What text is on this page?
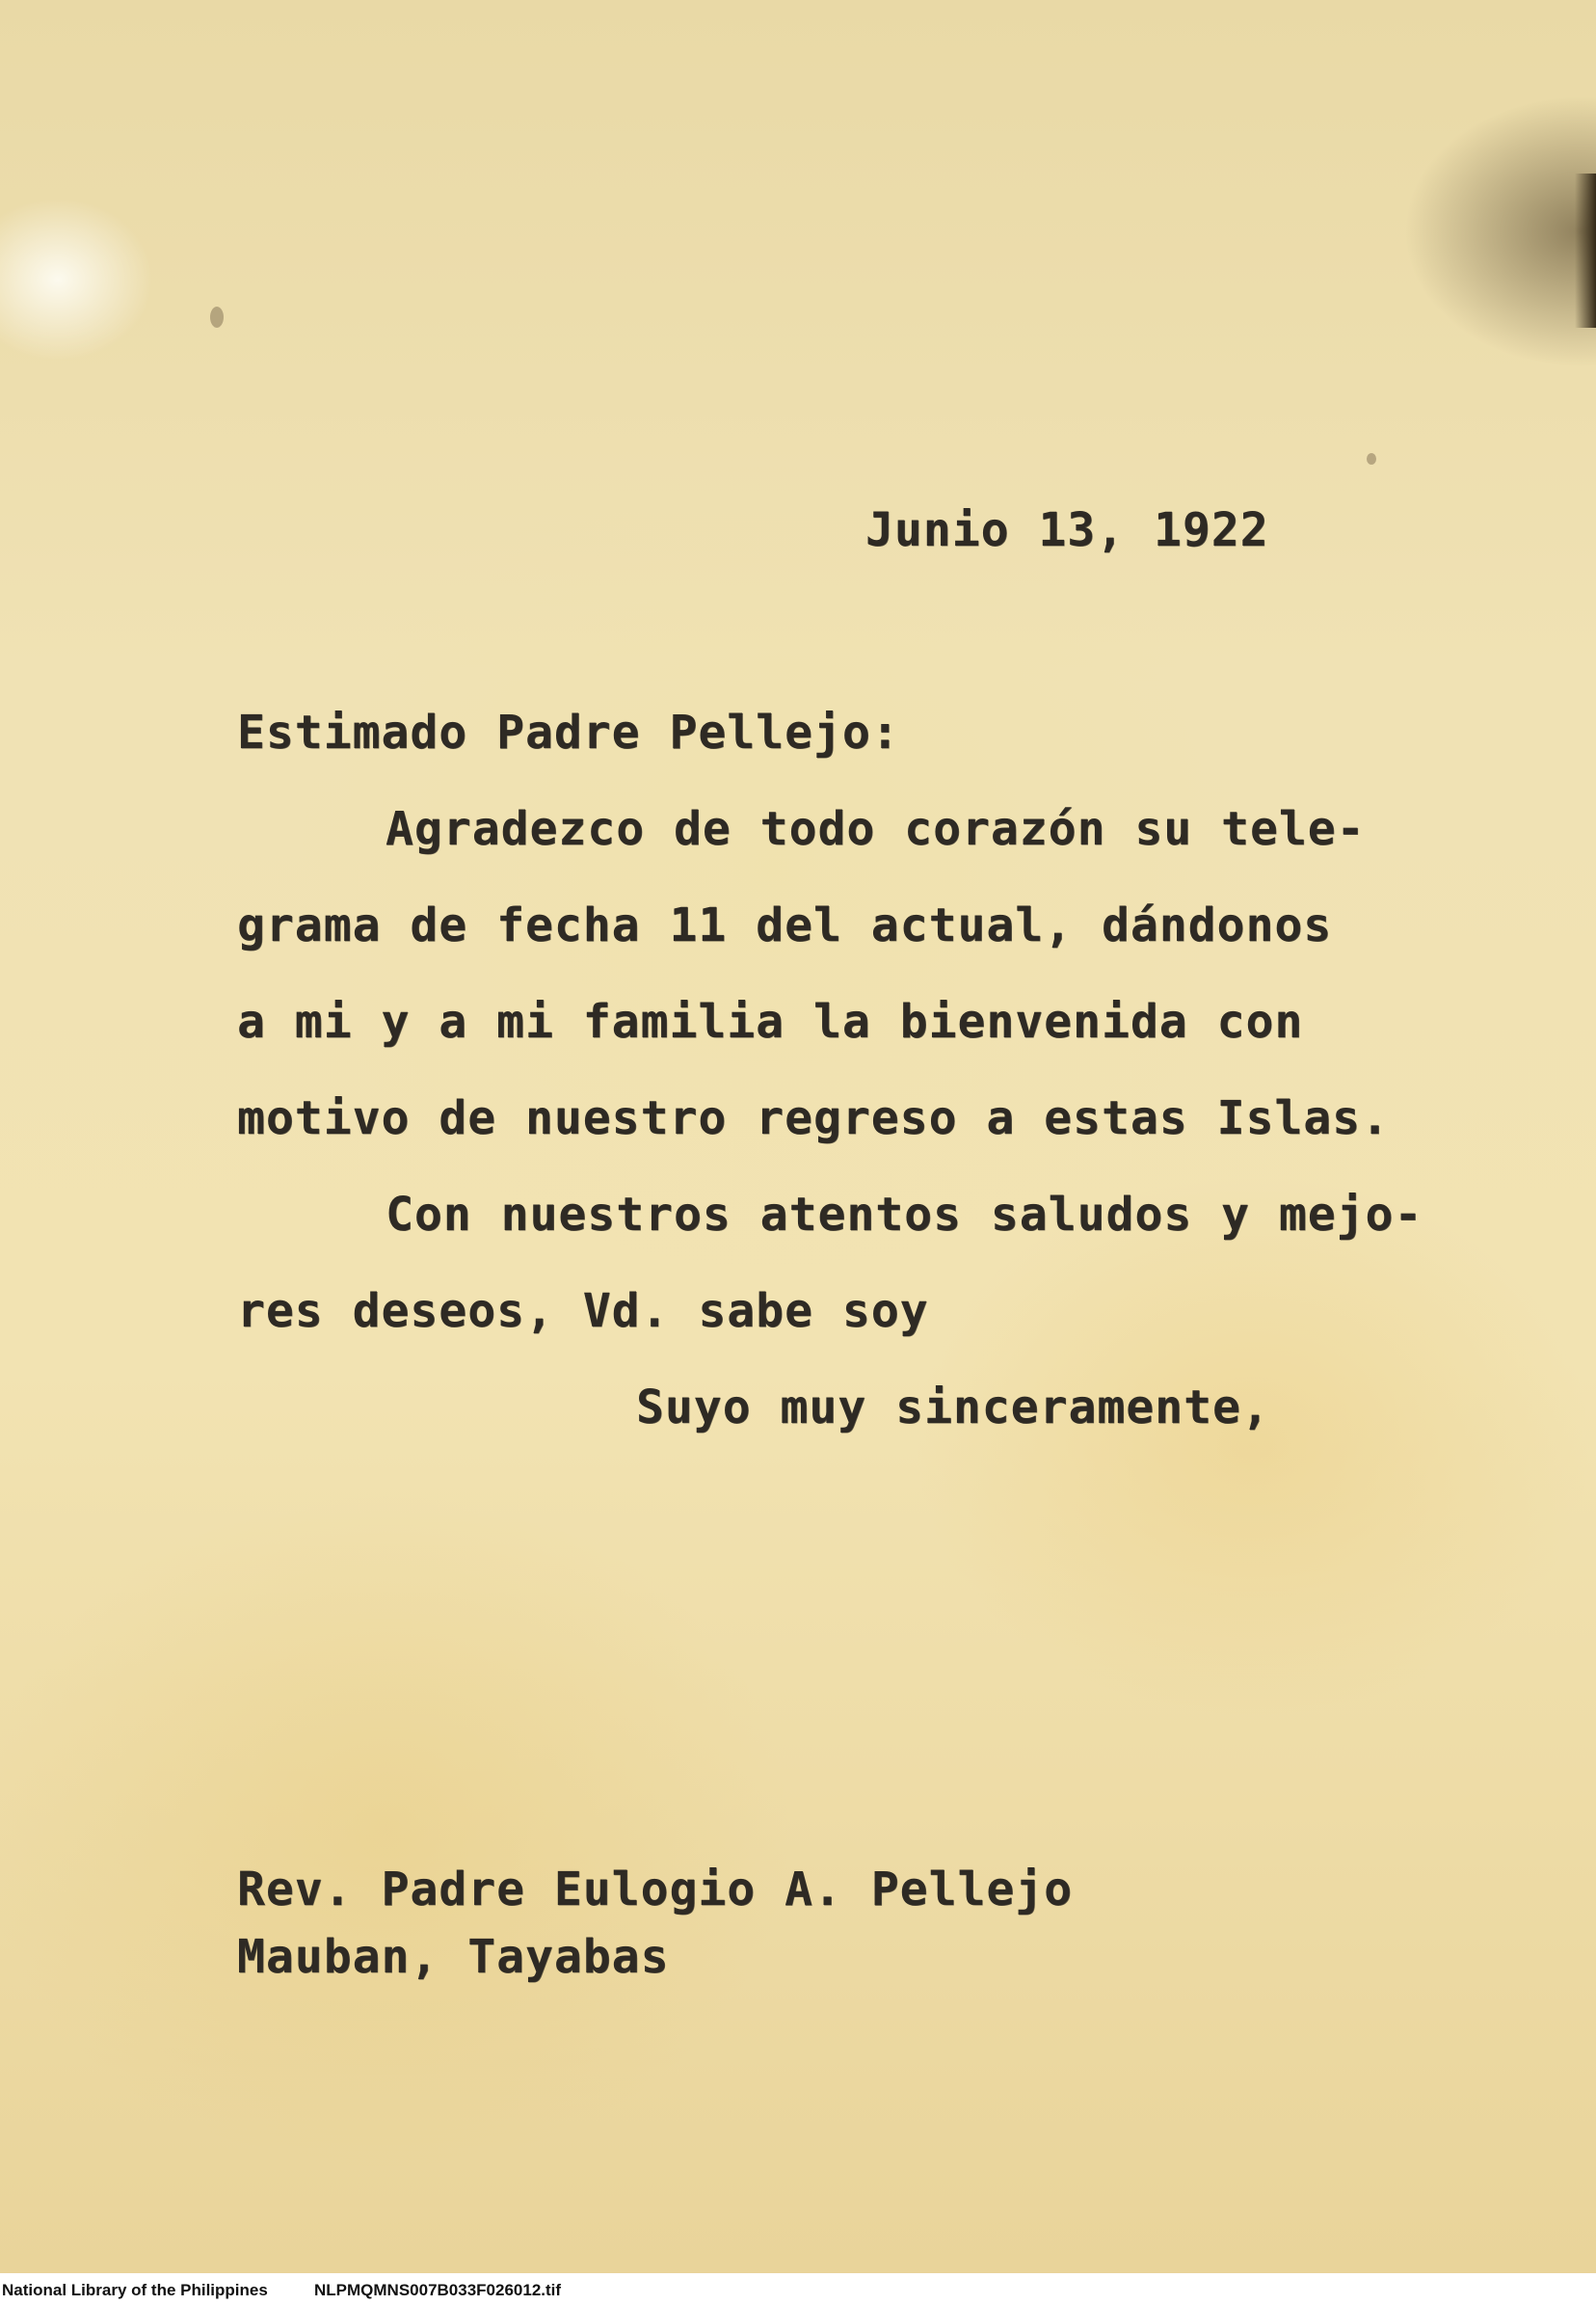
Junio 13, 1922
Estimado Padre Pellejo:
Agradezco de todo corazón su tele-
grama de fecha 11 del actual, dándonos
a mi y a mi familia la bienvenida con
motivo de nuestro regreso a estas Islas.
Con nuestros atentos saludos y mejo-
res deseos, Vd. sabe soy
Suyo muy sinceramente,
Rev. Padre Eulogio A. Pellejo
Mauban, Tayabas
National Library of the Philippines	NLPMQMNS007B033F026012.tif
